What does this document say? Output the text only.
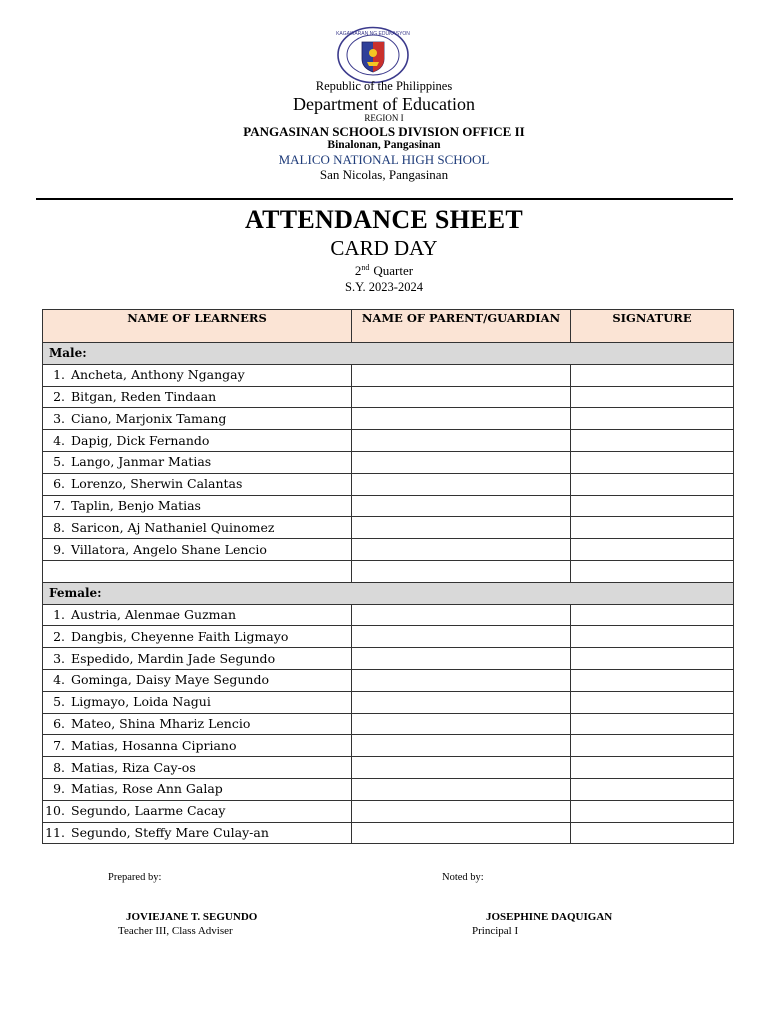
KAGAWARAN NG EDUKASYON
Republic of the Philippines
Department of Education
REGION I
PANGASINAN SCHOOLS DIVISION OFFICE II
Binalonan, Pangasinan
MALICO NATIONAL HIGH SCHOOL
San Nicolas, Pangasinan
ATTENDANCE SHEET
CARD DAY
2nd Quarter
S.Y. 2023-2024
NAME OF LEARNERS	NAME OF PARENT/GUARDIAN	SIGNATURE
Male:		
1. Ancheta, Anthony Ngangay		
2. Bitgan, Reden Tindaan		
3. Ciano, Marjonix Tamang		
4. Dapig, Dick Fernando		
5. Lango, Janmar Matias		
6. Lorenzo, Sherwin Calantas		
7. Taplin, Benjo Matias		
8. Saricon, Aj Nathaniel Quinomez		
9. Villatora, Angelo Shane Lencio		

Female:		
1. Austria, Alenmae Guzman		
2. Dangbis, Cheyenne Faith Ligmayo		
3. Espedido, Mardin Jade Segundo		
4. Gominga, Daisy Maye Segundo		
5. Ligmayo, Loida Nagui		
6. Mateo, Shina Mhariz Lencio		
7. Matias, Hosanna Cipriano		
8. Matias, Riza Cay-os		
9. Matias, Rose Ann Galap		
10. Segundo, Laarme Cacay		
11. Segundo, Steffy Mare Culay-an		
Prepared by:	Noted by:
JOVIEJANE T. SEGUNDO
Teacher III, Class Adviser
JOSEPHINE DAQUIGAN
Principal I
